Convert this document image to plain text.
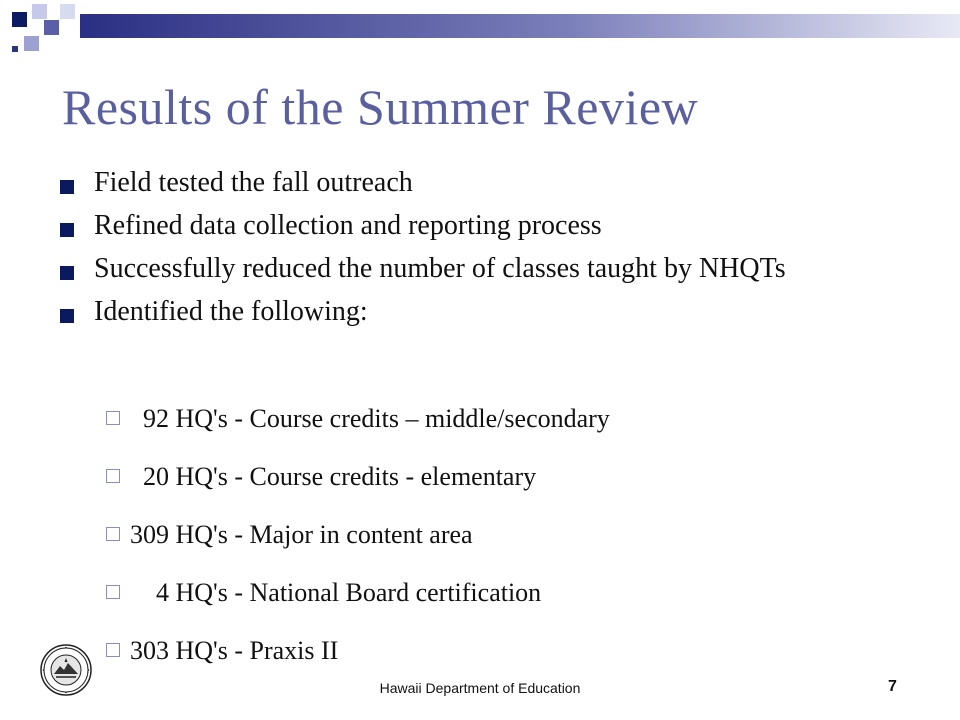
Results of the Summer Review
Field tested the fall outreach
Refined data collection and reporting process
Successfully reduced the number of classes taught by NHQTs
Identified the following:
92 HQ's - Course credits – middle/secondary
20 HQ's - Course credits - elementary
309 HQ's - Major in content area
4 HQ's - National Board certification
303 HQ's - Praxis II
Hawaii Department of Education	7
